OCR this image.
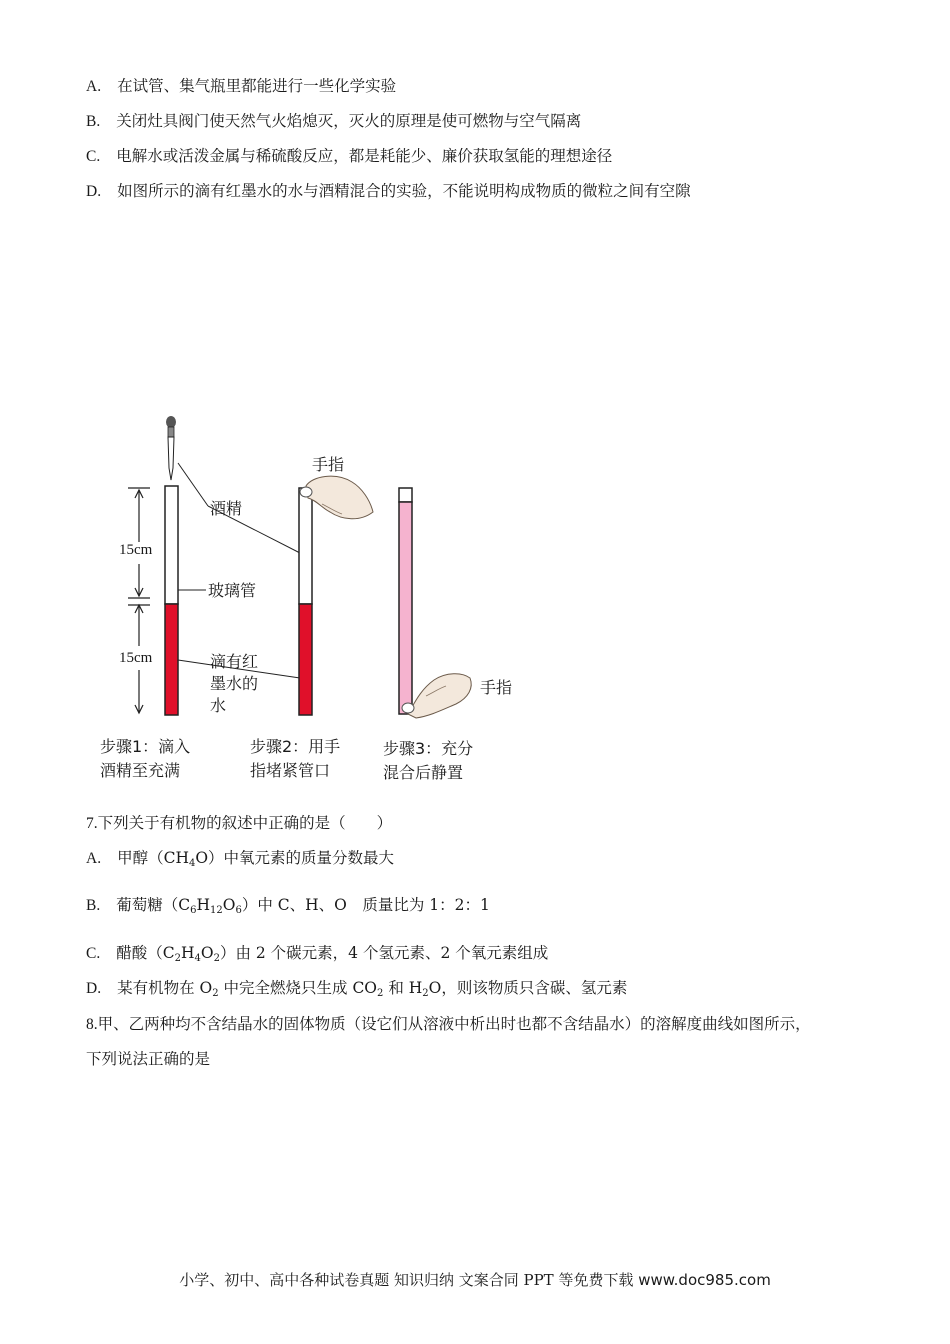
A. 在试管、集气瓶里都能进行一些化学实验
B. 关闭灶具阀门使天然气火焰熄灭，灭火的原理是使可燃物与空气隔离
C. 电解水或活泼金属与稀硫酸反应，都是耗能少、廉价获取氢能的理想途径
D. 如图所示的滴有红墨水的水与酒精混合的实验，不能说明构成物质的微粒之间有空隙
15cm
15cm
酒精
玻璃管
滴有红
墨水的
水
手指
手指
步骤1：滴入
酒精至充满
步骤2：用手
指堵紧管口
步骤3：充分
混合后静置
7.下列关于有机物的叙述中正确的是（　　）
A. 甲醇$(CH_4O)$中氧元素的质量分数最大
B. 葡萄糖$(C_6H_{12}O_6)$中 C、H、O　质量比为 1：2：1
C. 醋酸$(C_2H_4O_2)$由 2 个碳元素，4 个氢元素、2 个氧元素组成
D. 某有机物在 $O_2$ 中完全燃烧只生成 $CO_2$ 和 $H_2O$，则该物质只含碳、氢元素
8.甲、乙两种均不含结晶水的固体物质（设它们从溶液中析出时也都不含结晶水）的溶解度曲线如图所示，
下列说法正确的是
小学、初中、高中各种试卷真题 知识归纳 文案合同 PPT 等免费下载 www.doc985.com
